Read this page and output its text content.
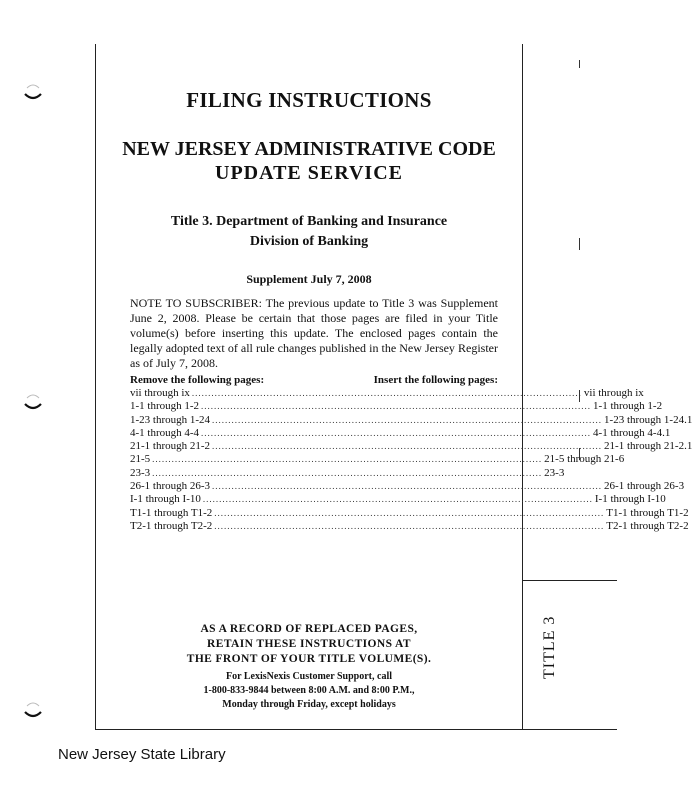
FILING INSTRUCTIONS
NEW JERSEY ADMINISTRATIVE CODE
UPDATE SERVICE
Title 3. Department of Banking and Insurance
Division of Banking
Supplement July 7, 2008
NOTE TO SUBSCRIBER: The previous update to Title 3 was Supplement June 2, 2008. Please be certain that those pages are filed in your Title volume(s) before inserting this update. The enclosed pages contain the legally adopted text of all rule changes published in the New Jersey Register as of July 7, 2008.
Remove the following pages:	Insert the following pages:
vii through ix ........................................................................................................................ vii through ix
1-1 through 1-2 ........................................................................................................................ 1-1 through 1-2
1-23 through 1-24 ........................................................................................................................ 1-23 through 1-24.1
4-1 through 4-4 ........................................................................................................................ 4-1 through 4-4.1
21-1 through 21-2 ........................................................................................................................ 21-1 through 21-2.1
21-5 ........................................................................................................................ 21-5 through 21-6
23-3 ........................................................................................................................ 23-3
26-1 through 26-3 ........................................................................................................................ 26-1 through 26-3
I-1 through I-10 ........................................................................................................................ I-1 through I-10
T1-1 through T1-2 ........................................................................................................................ T1-1 through T1-2
T2-1 through T2-2 ........................................................................................................................ T2-1 through T2-2
AS A RECORD OF REPLACED PAGES,
RETAIN THESE INSTRUCTIONS AT
THE FRONT OF YOUR TITLE VOLUME(S).
For LexisNexis Customer Support, call
1-800-833-9844 between 8:00 A.M. and 8:00 P.M.,
Monday through Friday, except holidays
TITLE 3
New Jersey State Library
